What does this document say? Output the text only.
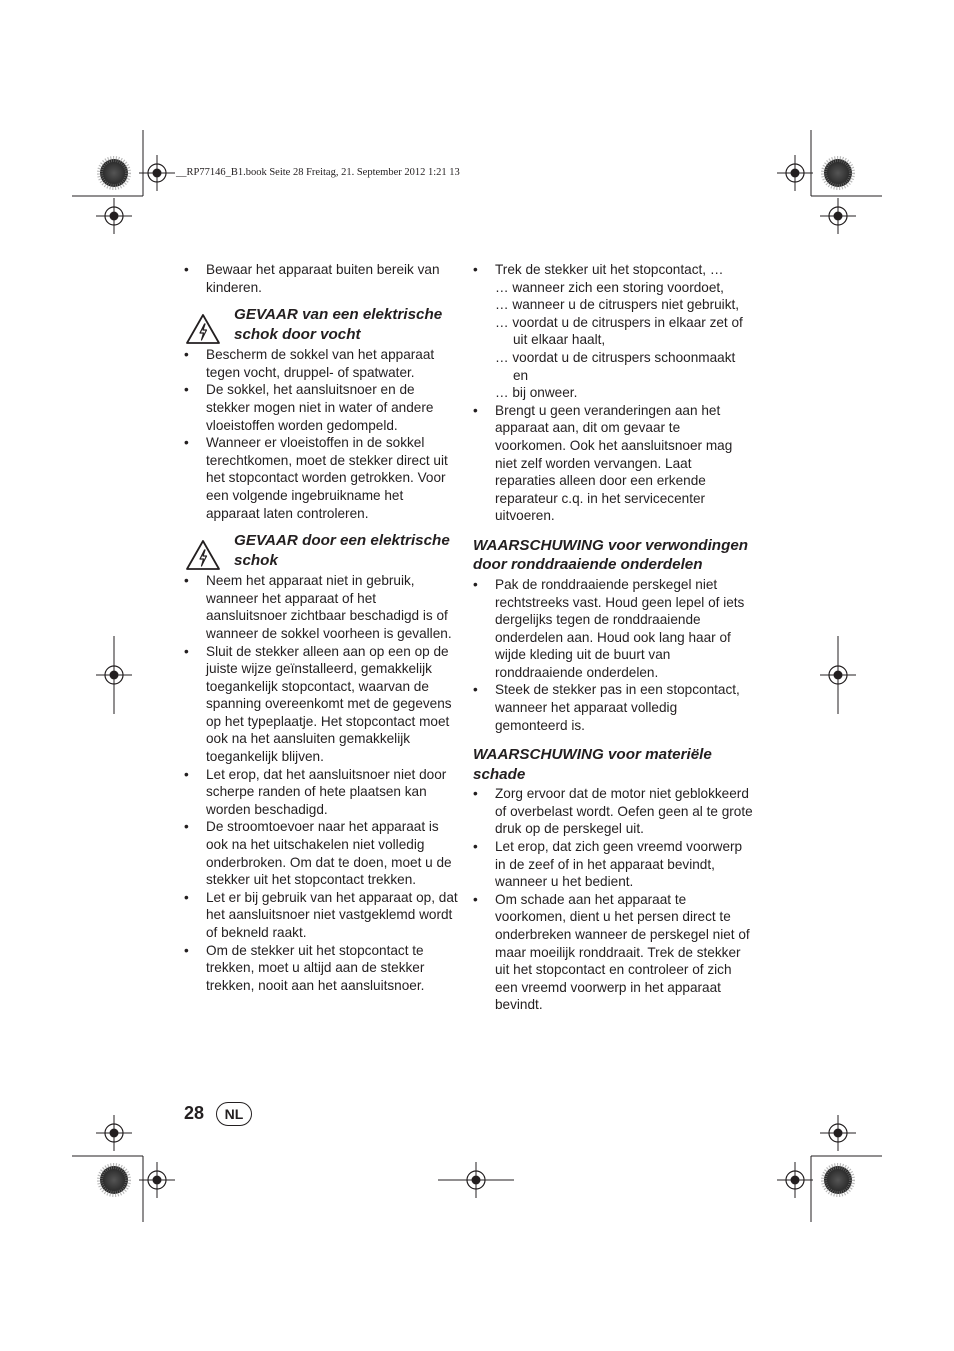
__RP77146_B1.book Seite 28 Freitag, 21. September 2012 1:21 13
•	Bewaar het apparaat buiten bereik van kinderen.
GEVAAR van een elektrische schok door vocht
•	Bescherm de sokkel van het apparaat tegen vocht, druppel- of spatwater.
•	De sokkel, het aansluitsnoer en de stekker mogen niet in water of andere vloeistoffen worden gedompeld.
•	Wanneer er vloeistoffen in de sokkel terechtkomen, moet de stekker direct uit het stopcontact worden getrokken. Voor een volgende ingebruikname het apparaat laten controleren.
GEVAAR door een elektrische schok
•	Neem het apparaat niet in gebruik, wanneer het apparaat of het aansluitsnoer zichtbaar beschadigd is of wanneer de sokkel voorheen is gevallen.
•	Sluit de stekker alleen aan op een op de juiste wijze geïnstalleerd, gemakkelijk toegankelijk stopcontact, waarvan de spanning overeenkomt met de gegevens op het typeplaatje. Het stopcontact moet ook na het aansluiten gemakkelijk toegankelijk blijven.
•	Let erop, dat het aansluitsnoer niet door scherpe randen of hete plaatsen kan worden beschadigd.
•	De stroomtoevoer naar het apparaat is ook na het uitschakelen niet volledig onderbroken. Om dat te doen, moet u de stekker uit het stopcontact trekken.
•	Let er bij gebruik van het apparaat op, dat het aansluitsnoer niet vastgeklemd wordt of bekneld raakt.
•	Om de stekker uit het stopcontact te trekken, moet u altijd aan de stekker trekken, nooit aan het aansluitsnoer.
•	Trek de stekker uit het stopcontact, …
… wanneer zich een storing voordoet,
… wanneer u de citruspers niet gebruikt,
… voordat u de citruspers in elkaar zet of uit elkaar haalt,
… voordat u de citruspers schoonmaakt en
… bij onweer.
•	Brengt u geen veranderingen aan het apparaat aan, dit om gevaar te voorkomen. Ook het aansluitsnoer mag niet zelf worden vervangen. Laat reparaties alleen door een erkende reparateur c.q. in het servicecenter uitvoeren.
WAARSCHUWING voor verwondingen door ronddraaiende onderdelen
•	Pak de ronddraaiende perskegel niet rechtstreeks vast. Houd geen lepel of iets dergelijks tegen de ronddraaiende onderdelen aan. Houd ook lang haar of wijde kleding uit de buurt van ronddraaiende onderdelen.
•	Steek de stekker pas in een stopcontact, wanneer het apparaat volledig gemonteerd is.
WAARSCHUWING voor materiële schade
•	Zorg ervoor dat de motor niet geblokkeerd of overbelast wordt. Oefen geen al te grote druk op de perskegel uit.
•	Let erop, dat zich geen vreemd voorwerp in de zeef of in het apparaat bevindt, wanneer u het bedient.
•	Om schade aan het apparaat te voorkomen, dient u het persen direct te onderbreken wanneer de perskegel niet of maar moeilijk ronddraait. Trek de stekker uit het stopcontact en controleer of zich een vreemd voorwerp in het apparaat bevindt.
28	NL
